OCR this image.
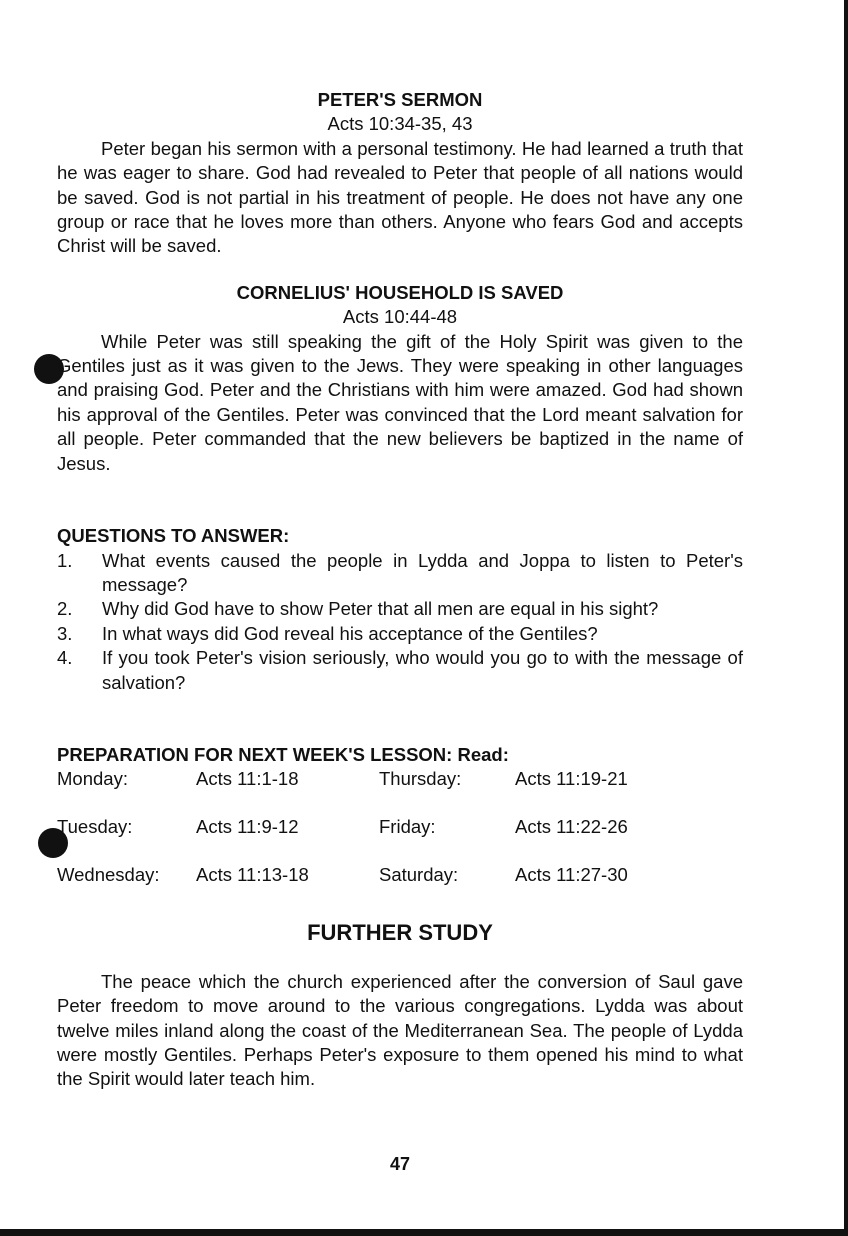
PETER'S SERMON
Acts 10:34-35, 43

Peter began his sermon with a personal testimony. He had learned a truth that he was eager to share. God had revealed to Peter that people of all nations would be saved. God is not partial in his treatment of people. He does not have any one group or race that he loves more than others. Anyone who fears God and accepts Christ will be saved.

CORNELIUS' HOUSEHOLD IS SAVED
Acts 10:44-48

While Peter was still speaking the gift of the Holy Spirit was given to the Gentiles just as it was given to the Jews. They were speaking in other languages and praising God. Peter and the Christians with him were amazed. God had shown his approval of the Gentiles. Peter was convinced that the Lord meant salvation for all people. Peter commanded that the new believers be baptized in the name of Jesus.

QUESTIONS TO ANSWER:
1.	What events caused the people in Lydda and Joppa to listen to Peter's message?
2.	Why did God have to show Peter that all men are equal in his sight?
3.	In what ways did God reveal his acceptance of the Gentiles?
4.	If you took Peter's vision seriously, who would you go to with the message of salvation?
PREPARATION FOR NEXT WEEK'S LESSON: Read:
Monday:	Acts 11:1-18	Thursday:	Acts 11:19-21
Tuesday:	Acts 11:9-12	Friday:	Acts 11:22-26
Wednesday:	Acts 11:13-18	Saturday:	Acts 11:27-30
FURTHER STUDY

The peace which the church experienced after the conversion of Saul gave Peter freedom to move around to the various congregations. Lydda was about twelve miles inland along the coast of the Mediterranean Sea. The people of Lydda were mostly Gentiles. Perhaps Peter's exposure to them opened his mind to what the Spirit would later teach him.

47
